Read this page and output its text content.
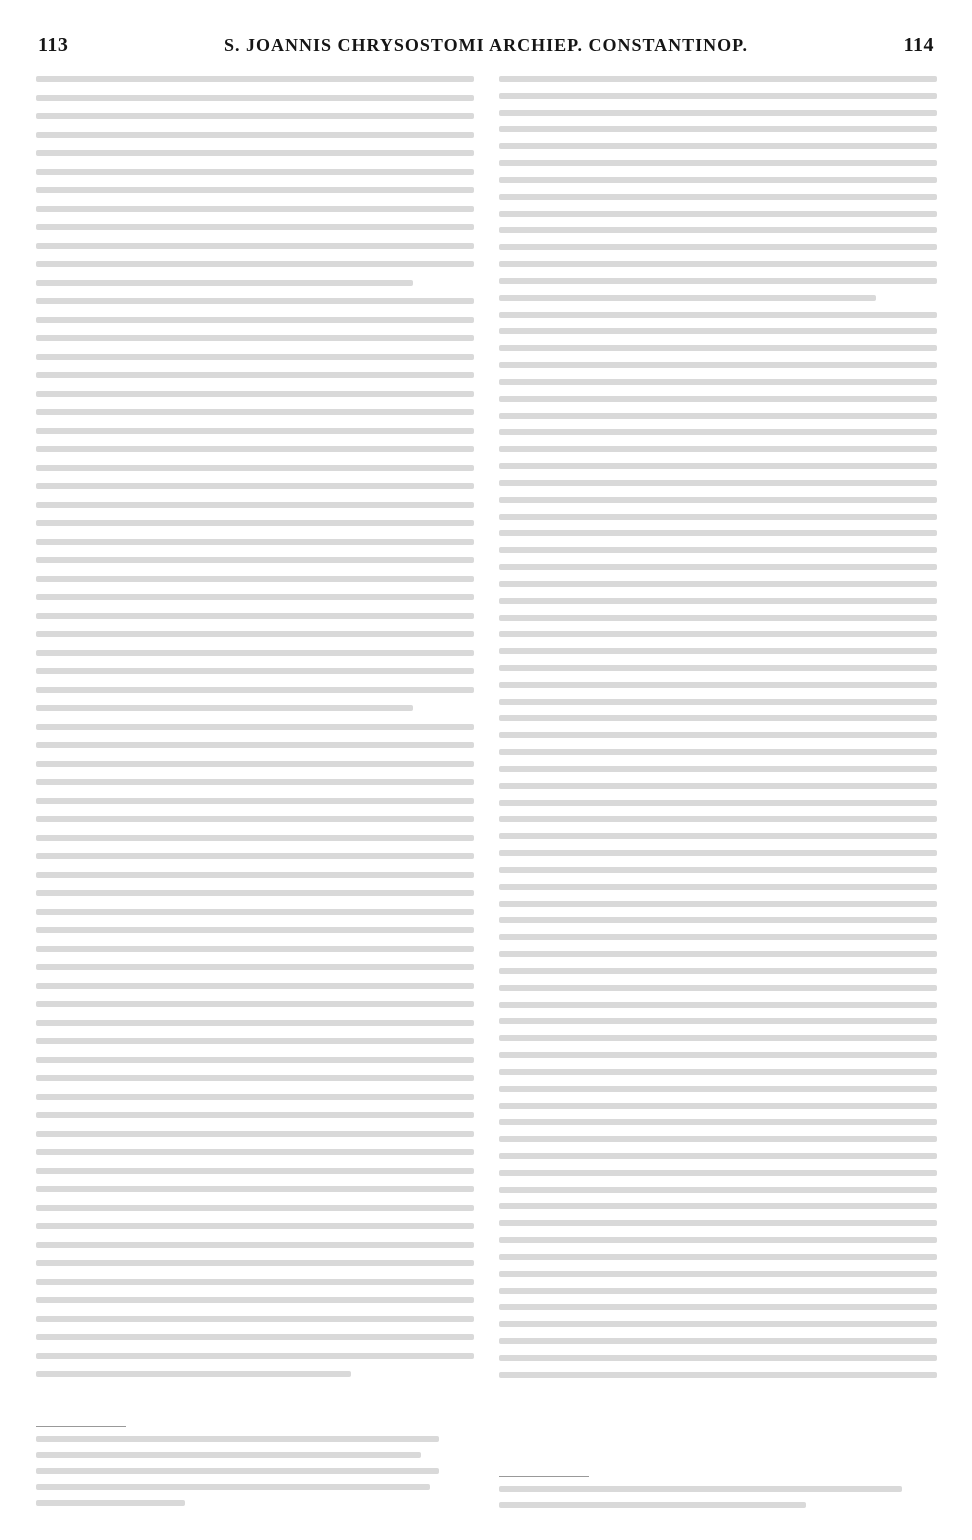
113	S. JOANNIS CHRYSOSTOMI ARCHIEP. CONSTANTINOP.	114
